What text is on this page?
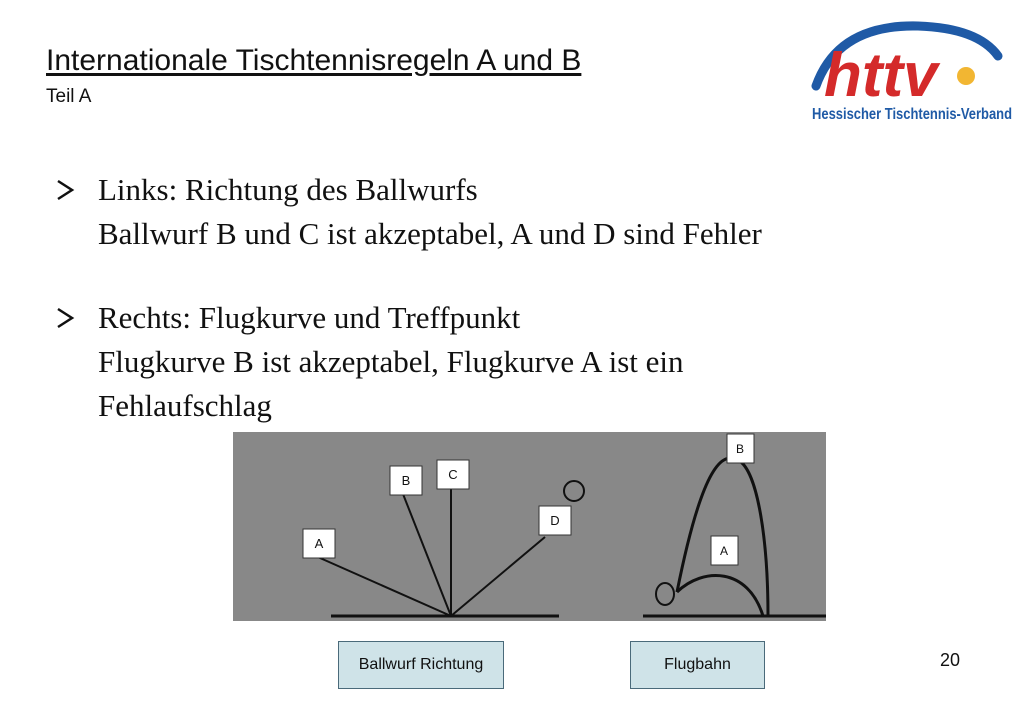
Internationale Tischtennisregeln A und B
Teil A	httv
Hessischer Tischtennis-Verband
Links: Richtung des Ballwurfs
Ballwurf B und C ist akzeptabel, A und D sind Fehler
Rechts: Flugkurve und Treffpunkt
Flugkurve B ist akzeptabel, Flugkurve A ist ein
Fehlaufschlag
A
B	C
D
B
A
Ballwurf Richtung	Flugbahn	20
